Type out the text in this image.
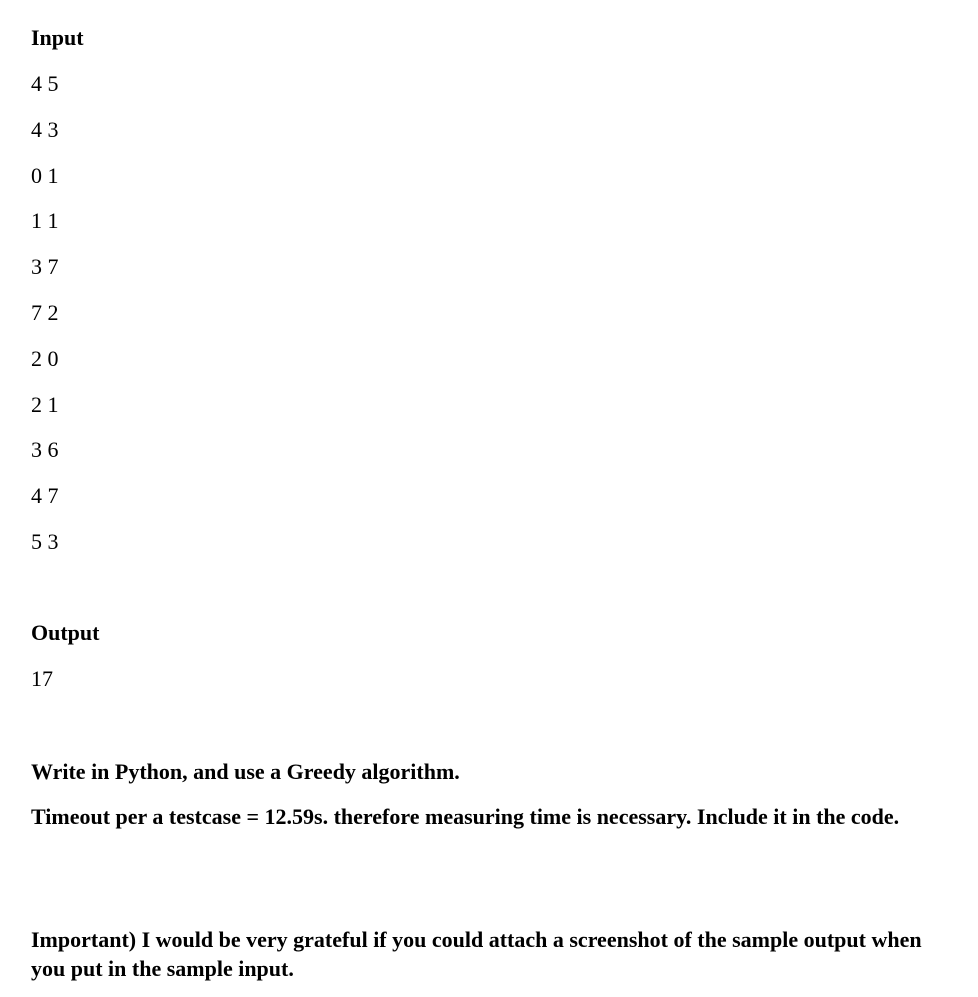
Input
4 5
4 3
0 1
1 1
3 7
7 2
2 0
2 1
3 6
4 7
5 3
Output
17
Write in Python, and use a Greedy algorithm.
Timeout per a testcase = 12.59s. therefore measuring time is necessary. Include it in the code.
Important) I would be very grateful if you could attach a screenshot of the sample output when you put in the sample input.
